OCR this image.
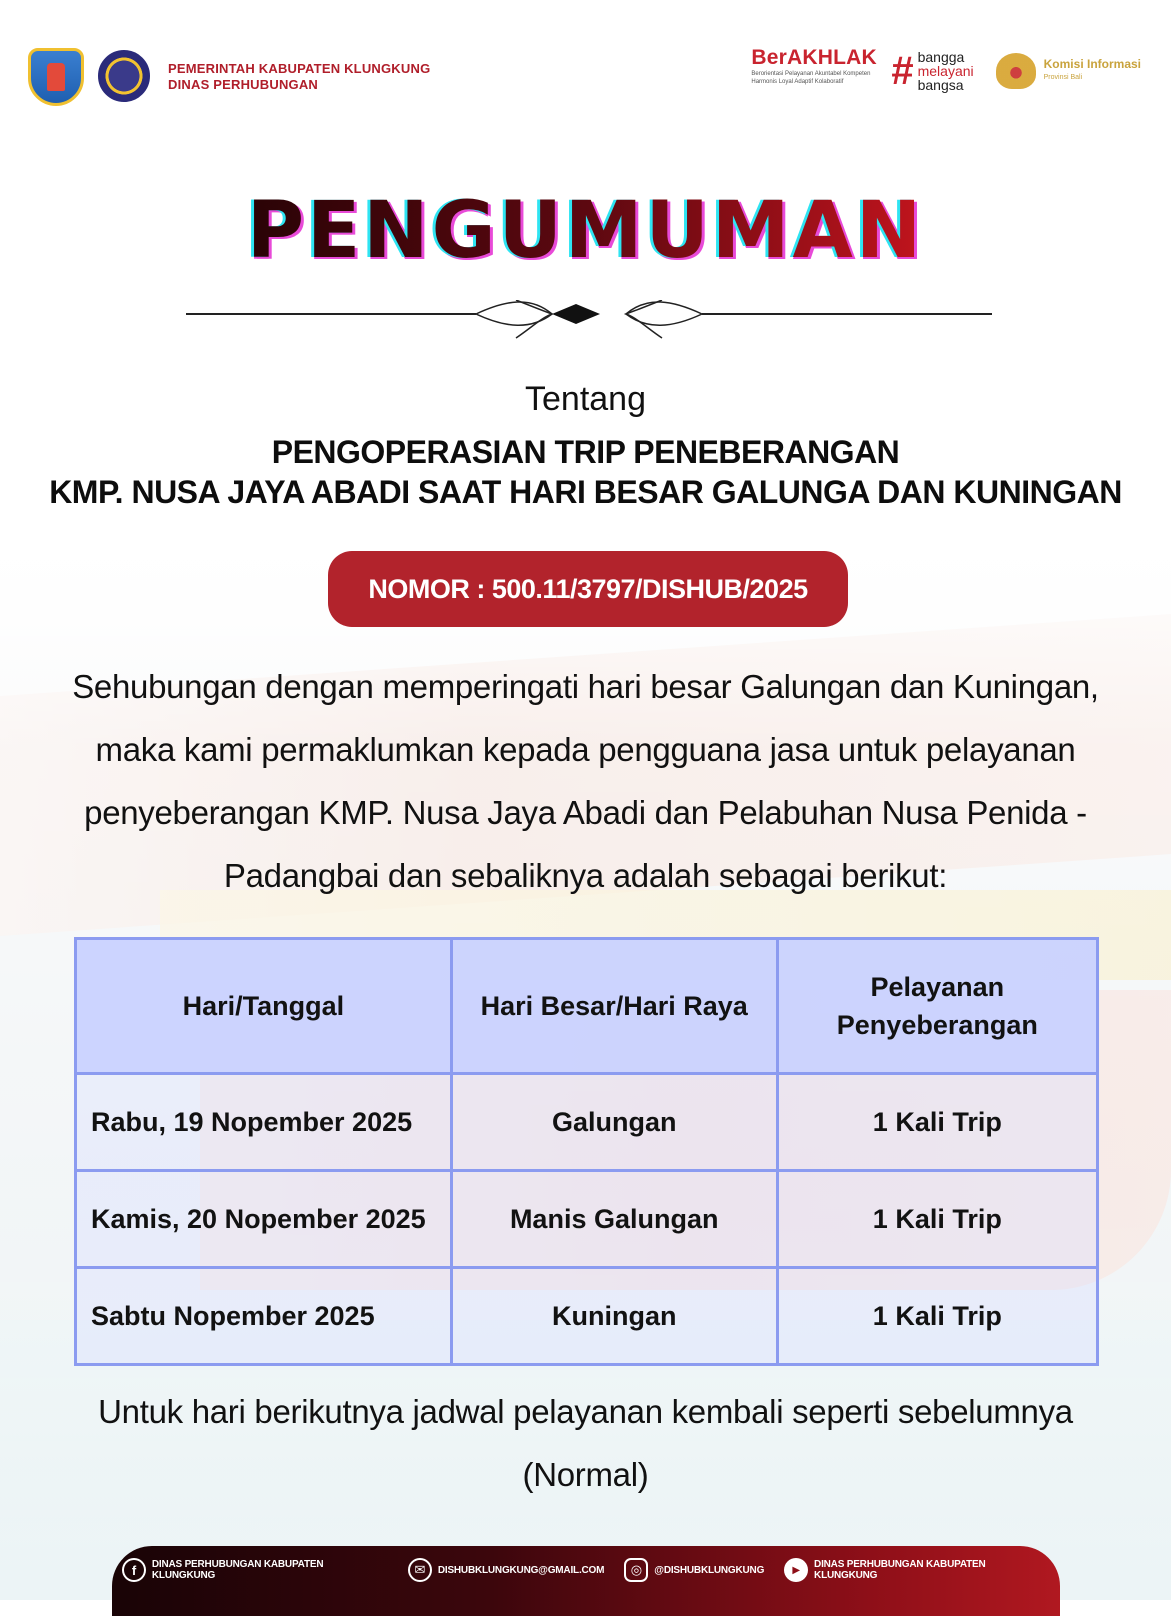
PEMERINTAH KABUPATEN KLUNGKUNG
DINAS PERHUBUNGAN
BerAKHLAK
Berorientasi Pelayanan Akuntabel Kompeten
Harmonis Loyal Adaptif Kolaboratif	# bangga
melayani
bangsa
Komisi Informasi
Provinsi Bali
PENGUMUMAN
Tentang
PENGOPERASIAN TRIP PENEBERANGAN
KMP. NUSA JAYA ABADI SAAT HARI BESAR GALUNGA DAN KUNINGAN
NOMOR : 500.11/3797/DISHUB/2025
Sehubungan dengan memperingati hari besar Galungan dan Kuningan, maka kami permaklumkan kepada pengguana jasa untuk pelayanan penyeberangan KMP. Nusa Jaya Abadi dan Pelabuhan Nusa Penida - Padangbai dan sebaliknya adalah sebagai berikut:
Hari/Tanggal	Hari Besar/Hari Raya	Pelayanan Penyeberangan
Rabu, 19 Nopember 2025	Galungan	1 Kali Trip
Kamis, 20 Nopember 2025	Manis Galungan	1 Kali Trip
Sabtu Nopember 2025	Kuningan	1 Kali Trip
Untuk hari berikutnya jadwal pelayanan kembali seperti sebelumnya (Normal)
f	DINAS PERHUBUNGAN KABUPATEN KLUNGKUNG	✉	DISHUBKLUNGKUNG@GMAIL.COM	◎	@DISHUBKLUNGKUNG	▶	DINAS PERHUBUNGAN KABUPATEN KLUNGKUNG
